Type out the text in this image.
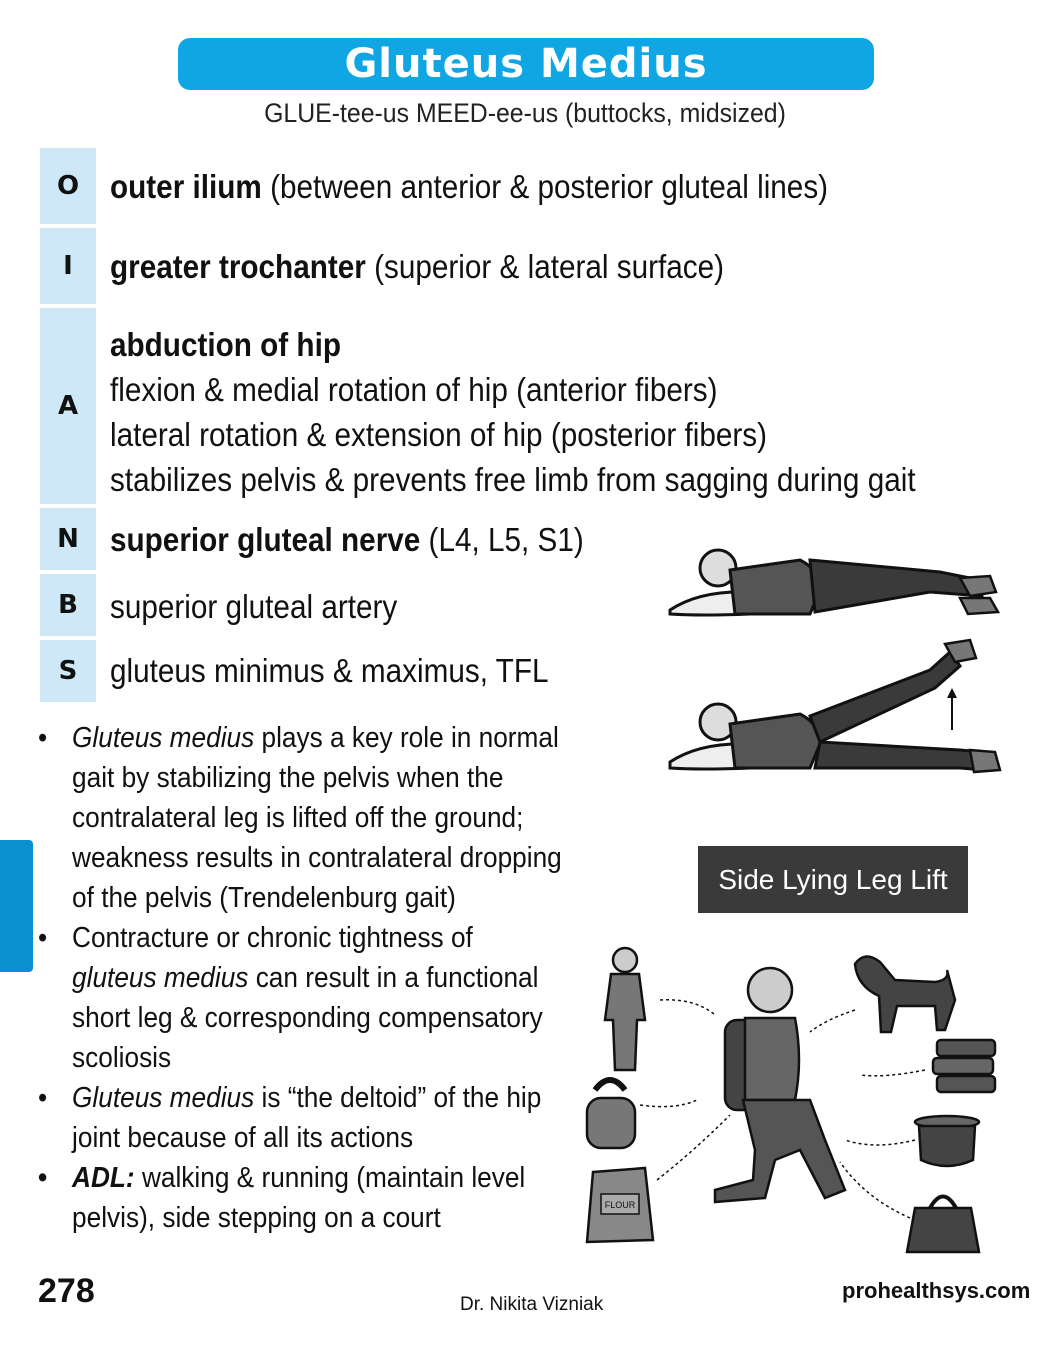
Gluteus Medius
GLUE-tee-us MEED-ee-us (buttocks, midsized)
O outer ilium (between anterior & posterior gluteal lines)
I	greater trochanter (superior & lateral surface)
A
abduction of hip
flexion & medial rotation of hip (anterior fibers)
lateral rotation & extension of hip (posterior fibers)
stabilizes pelvis & prevents free limb from sagging during gait
N superior gluteal nerve (L4, L5, S1)
B superior gluteal artery
S gluteus minimus & maximus, TFL
• Gluteus medius plays a key role in normal
gait by stabilizing the pelvis when the
contralateral leg is lifted off the ground;
weakness results in contralateral dropping
of the pelvis (Trendelenburg gait)
• Contracture or chronic tightness of
gluteus medius can result in a functional
short leg & corresponding compensatory
scoliosis
• Gluteus medius is “the deltoid” of the hip
joint because of all its actions
• ADL: walking & running (maintain level
pelvis), side stepping on a court
Side Lying Leg Lift
FLOUR
278	Dr. Nikita Vizniak
prohealthsys.com
